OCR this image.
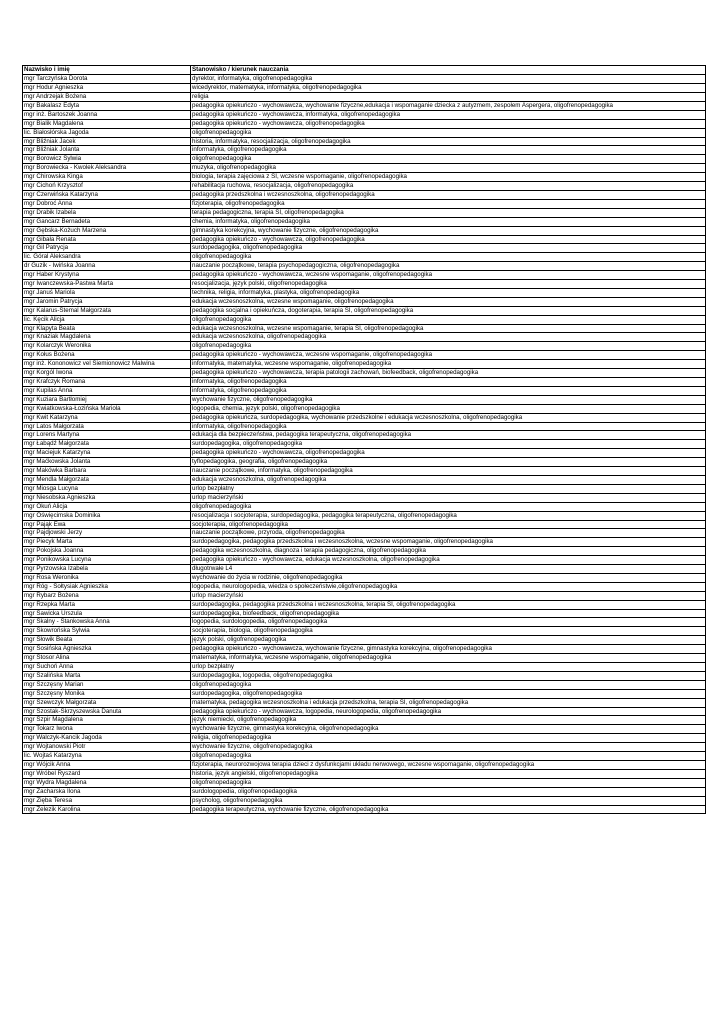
Nazwisko i imię	Stanowisko / kierunek nauczania
mgr Tarczyńska Dorota	dyrektor, informatyka, oligofrenopedagogika
mgr Hodur Agnieszka	wicedyrektor, matematyka, informatyka, oligofrenopedagogika
mgr Andrzejak Bożena	religia
mgr Bakalasz Edyta	pedagogika opiekuńczo - wychowawcza, wychowanie fizyczne,edukacja i wspomaganie dziecka z autyzmem, zespołem Aspergera, oligofrenopedagogika
mgr inż. Bartoszek Joanna	pedagogika opiekuńczo - wychowawcza, informatyka, oligofrenopedagogika
mgr Bialik Magdalena	pedagogika opiekuńczo - wychowawcza, oligofrenopedagogika
lic. Białosłórska Jagoda	oligofrenopedagogika
mgr Bliźniak Jacek	historia, informatyka, resocjalizacja, oligofrenopedagogika
mgr Bliźniak Jolanta	informatyka, oligofrenopedagogika
mgr Borowicz Sylwia	oligofrenopedagogika
mgr Borowiecka - Kwolek Aleksandra	muzyka, oligofrenopedagogika
mgr Chirowska Kinga	biologia, terapia zajęciowa z SI, wczesne wspomaganie, oligofrenopedagogika
mgr Cichoń Krzysztof	rehabilitacja ruchowa, resocjalizacja, oligofrenopedagogika
mgr Czerwińska Katarzyna	pedagogika przedszkolna i wczesnoszkolna, oligofrenopedagogika
mgr Dobroć Anna	fizjoterapia, oligofrenopedagogika
mgr Drabik Izabela	terapia pedagogiczna, terapia SI, oligofrenopedagogika
mgr Gancarz Bernadeta	chemia, informatyka, oligofrenopedagogika
mgr Gębska-Kożuch Marzena	gimnastyka korekcyjna, wychowanie fizyczne, oligofrenopedagogika
mgr Gibała Renata	pedagogika opiekuńczo - wychowawcza, oligofrenopedagogika
mgr Gil Patrycja	surdopedagogika, oligofrenopedagogika
lic. Góral Aleksandra	oligofrenopedagogika
dr Guzik - Iwińska Joanna	nauczanie początkowe, terapia psychopedagogiczna, oligofrenopedagogika
mgr Haber Krystyna	pedagogika opiekuńczo - wychowawcza, wczesne wspomaganie, oligofrenopedagogika
mgr Iwanczewska-Pastwa Marta	resocjalizacja, język polski, oligofrenopedagogika
mgr Januś Mariola	technika, religia, informatyka, plastyka, oligofrenopedagogika
mgr Jaromin Patrycja	edukacja wczesnoszkolna, wczesne wspomaganie, oligofrenopedagogika
mgr Kalarus-Stemal Małgorzata	pedagogika socjalna i opiekuńcza, dogoterapia, terapia SI, oligofrenopedagogika
lic. Kęcik Alicja	oligofrenopedagogika
mgr Klapyta Beata	edukacja wczesnoszkolna, wczesne wspomaganie, terapia SI, oligofrenopedagogika
mgr Knaziak Magdalena	edukacja wczesnoszkolna, oligofrenopedagogika
mgr Kolarczyk Weronika	oligofrenopedagogika
mgr Kołus Bożena	pedagogika opiekuńczo - wychowawcza, wczesne wspomaganie, oligofrenopedagogika
mgr inż. Kononowicz vel Siemionowicz Malwina	informatyka, matematyka, wczesne wspomaganie, oligofrenopedagogika
mgr Korgól Iwona	pedagogika opiekuńczo - wychowawcza, terapia patologii zachowań, biofeedback, oligofrenopedagogika
mgr Krafczyk Romana	informatyka, oligofrenopedagogika
mgr Kupilas Anna	informatyka, oligofrenopedagogika
mgr Kuziara Bartłomiej	wychowanie fizyczne, oligofrenopedagogika
mgr Kwiatkowska-Łozińska Mariola	logopedia, chemia, język polski, oligofrenopedagogika
mgr Kwit Katarzyna	pedagogika opiekuńcza, surdopedagogika, wychowanie przedszkolne i edukacja wczesnoszkolna, oligofrenopedagogika
mgr Latos Małgorzata	informatyka, oligofrenopedagogika
mgr Lorens Martyna	edukacja dla bezpieczeństwa, pedagogika terapeutyczna, oligofrenopedagogika
mgr Łabądź Małgorzata	surdopedagogika, oligofrenopedagogika
mgr Maciejuk Katarzyna	pedagogika opiekuńczo - wychowawcza, oligofrenopedagogika
mgr Maćkowska Jolanta	tyflopedagogika, geografia, oligofrenopedagogika
mgr Makówka Barbara	nauczanie początkowe, informatyka, oligofrenopedagogika
mgr Mendla Małgorzata	edukacja wczesnoszkolna, oligofrenopedagogika
mgr Miosga Lucyna	urlop bezpłatny
mgr Niesobska Agnieszka	urlop macierzyński
mgr Okuń Alicja	oligofrenopedagogika
mgr Oświęcimska Dominika	resocjalizacja i socjoterapia, surdopedagogika, pedagogika terapeutyczna, oligofrenopedagogika
mgr Pająk Ewa	socjoterapia, oligofrenopedagogika
mgr Pajdjowski Jerzy	nauczanie początkowe, przyroda, oligofrenopedagogika
mgr Piecyk Marta	surdopedagogika, pedagogika przedszkolna i wczesnoszkolna, wczesne wspomaganie, oligofrenopedagogika
mgr Pokojska Joanna	pedagogika wczesnoszkolna, diagnoza i terapia pedagogiczna, oligofrenopedagogika
mgr Ponikowska Lucyna	pedagogika opiekuńczo - wychowawcza, edukacja wczesnoszkolna, oligofrenopedagogika
mgr Pyrzowska Izabela	długotrwałe L4
mgr Rosa Weronika	wychowanie do życia w rodzinie, oligofrenopedagogika
mgr Róg - Sołtysiak Agnieszka	logopedia, neurologopedia, wiedza o społeczeństwie,oligofrenopedagogika
mgr Rybarz Bożena	urlop macierzyński
mgr Rzepka Marta	surdopedagogika, pedagogika przedszkolna i wczesnoszkolna, terapia SI, oligofrenopedagogika
mgr Sawicka Urszula	surdopedagogika, biofeedback, oligofrenopedagogika
mgr Skalny - Stankowska Anna	logopedia, surdologopedia, oligofrenopedagogika
mgr Skowrońska Sylwia	socjoterapia, biologia, oligofrenopedagogika
mgr Słowik Beata	język polski, oligofrenopedagogika
mgr Sosińska Agnieszka	pedagogika opiekuńczo - wychowawcza, wychowanie fizyczne, gimnastyka korekcyjna, oligofrenopedagogika
mgr Stosor Alina	matematyka, informatyka, wczesne wspomaganie, oligofrenopedagogika
mgr Suchoń Anna	urlop bezpłatny
mgr Szalińska Marta	surdopedagogika, logopedia, oligofrenopedagogika
mgr Szczęsny Marian	oligofrenopedagogika
mgr Szczęsny Monika	surdopedagogika, oligofrenopedagogika
mgr Szewczyk Małgorzata	matematyka, pedagogika wczesnoszkolna i edukacja przedszkolna, terapia SI, oligofrenopedagogika
mgr Szostak-Skrzyszewska Danuta	pedagogika opiekuńczo - wychowawcza, logopedia, neurologopedia, oligofrenopedagogika
mgr Szpir Magdalena	język niemiecki, oligofrenopedagogika
mgr Tokarz Iwona	wychowanie fizyczne, gimnastyka korekcyjna, oligofrenopedagogika
mgr Walczyk-Kancik Jagoda	religia, oligofrenopedagogika
mgr Wojtanowski Piotr	wychowanie fizyczne, oligofrenopedagogika
lic. Wojtaś Katarzyna	oligofrenopedagogika
mgr Wójcik Anna	fizjoterapia, neurorozwojowa terapia dzieci z dysfunkcjami układu nerwowego, wczesne wspomaganie, oligofrenopedagogika
mgr Wróbel Ryszard	historia, język angielski, oligofrenopedagogika
mgr Wydra Magdalena	oligofrenopedagogika
mgr Zacharska Ilona	surdologopedia, oligofrenopedagogika
mgr Zięba Teresa	psycholog, oligofrenopedagogika
mgr Żelezik Karolina	pedagogika terapeutyczna, wychowanie fizyczne, oligofrenopedagogika
